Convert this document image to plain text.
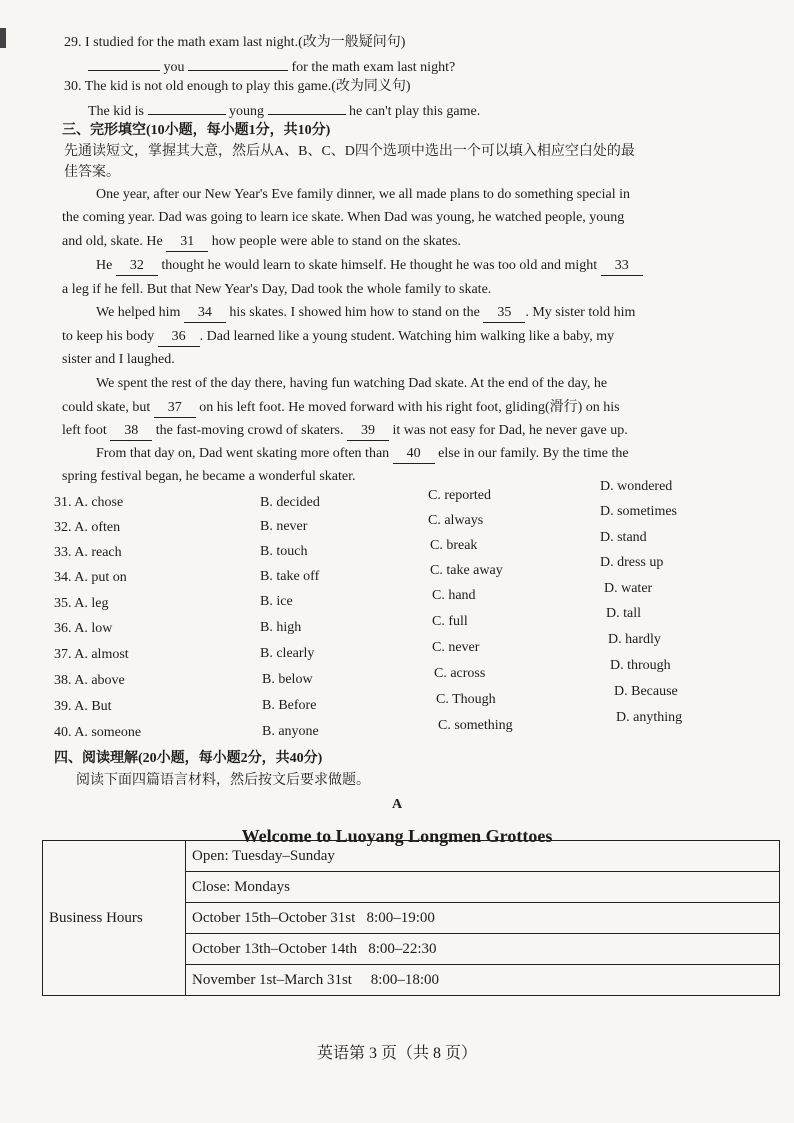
29. I studied for the math exam last night.(改为一般疑问句)
you	for the math exam last night?
30. The kid is not old enough to play this game.(改为同义句)
The kid is	young	he can't play this game.
三、完形填空(10小题，每小题1分，共10分)
先通读短文，掌握其大意，然后从A、B、C、D四个选项中选出一个可以填入相应空白处的最
佳答案。
One year, after our New Year's Eve family dinner, we all made plans to do something special in
the coming year. Dad was going to learn ice skate. When Dad was young, he watched people, young
and old, skate. He 31 how people were able to stand on the skates.
He 32 thought he would learn to skate himself. He thought he was too old and might 33
a leg if he fell. But that New Year's Day, Dad took the whole family to skate.
We helped him 34 his skates. I showed him how to stand on the 35 . My sister told him
to keep his body 36 . Dad learned like a young student. Watching him walking like a baby, my
sister and I laughed.
We spent the rest of the day there, having fun watching Dad skate. At the end of the day, he
could skate, but 37 on his left foot. He moved forward with his right foot, gliding(滑行) on his
left foot 38 the fast-moving crowd of skaters. 39 it was not easy for Dad, he never gave up.
From that day on, Dad went skating more often than 40 else in our family. By the time the
spring festival began, he became a wonderful skater.
31. A. chose	B. decided	C. reported
D. wondered
32. A. often	B. never	C. always
D. sometimes
33. A. reach	B. touch	C. break
D. stand
34. A. put on	B. take off	C. take away
D. dress up
35. A. leg	B. ice	C. hand	D. water
36. A. low	B. high	C. full
D. tall
37. A. almost	B. clearly	C. never
D. hardly
38. A. above	B. below	C. across
D. through
39. A. But	B. Before	C. Though
D. Because
40. A. someone	B. anyone	C. something
D. anything
四、阅读理解(20小题，每小题2分，共40分)
阅读下面四篇语言材料，然后按文后要求做题。
A
Welcome to Luoyang Longmen Grottoes
Business Hours	Open: Tuesday–Sunday
Close: Mondays
October 15th–October 31st   8:00–19:00
October 13th–October 14th   8:00–22:30
November 1st–March 31st     8:00–18:00
英语第 3 页（共 8 页）
